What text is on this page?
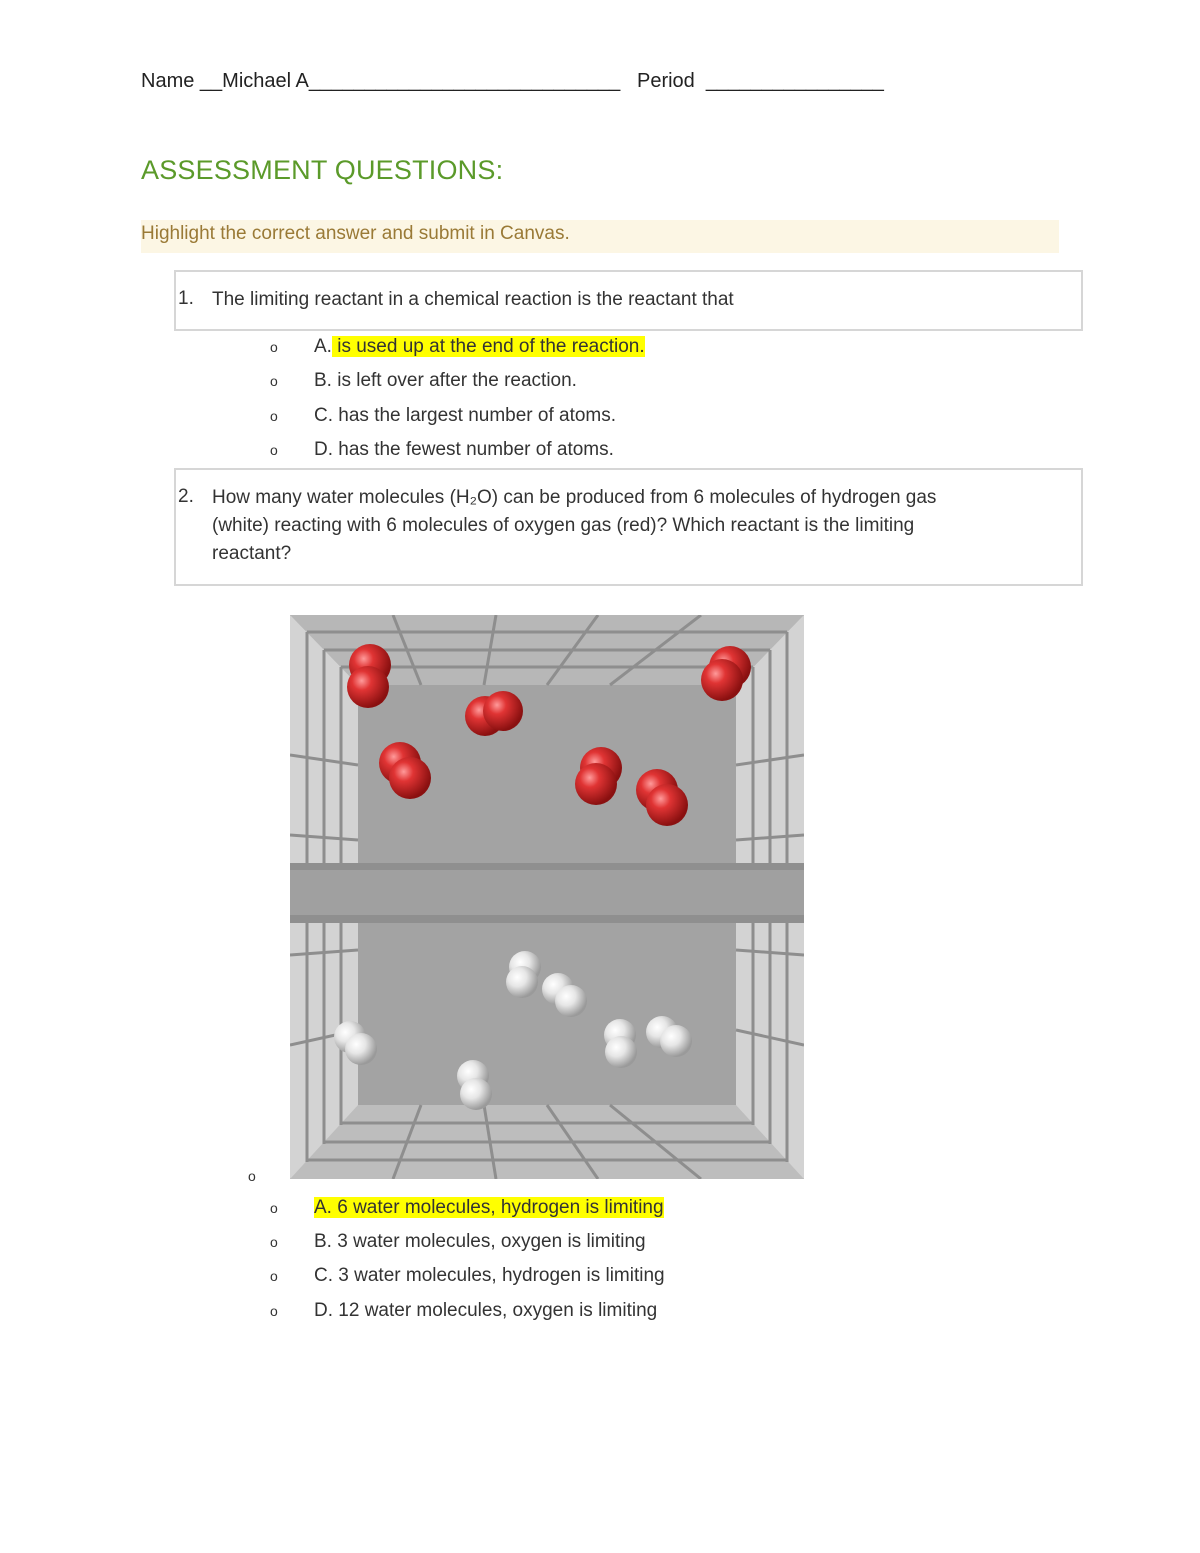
Name __Michael A____________________________   Period  ________________
ASSESSMENT QUESTIONS:
Highlight the correct answer and submit in Canvas.
1. The limiting reactant in a chemical reaction is the reactant that
o A. is used up at the end of the reaction.
o B. is left over after the reaction.
o C. has the largest number of atoms.
o D. has the fewest number of atoms.
2. How many water molecules (H₂O) can be produced from 6 molecules of hydrogen gas
(white) reacting with 6 molecules of oxygen gas (red)? Which reactant is the limiting
reactant?
o
o A. 6 water molecules, hydrogen is limiting
o B. 3 water molecules, oxygen is limiting
o C. 3 water molecules, hydrogen is limiting
o D. 12 water molecules, oxygen is limiting
